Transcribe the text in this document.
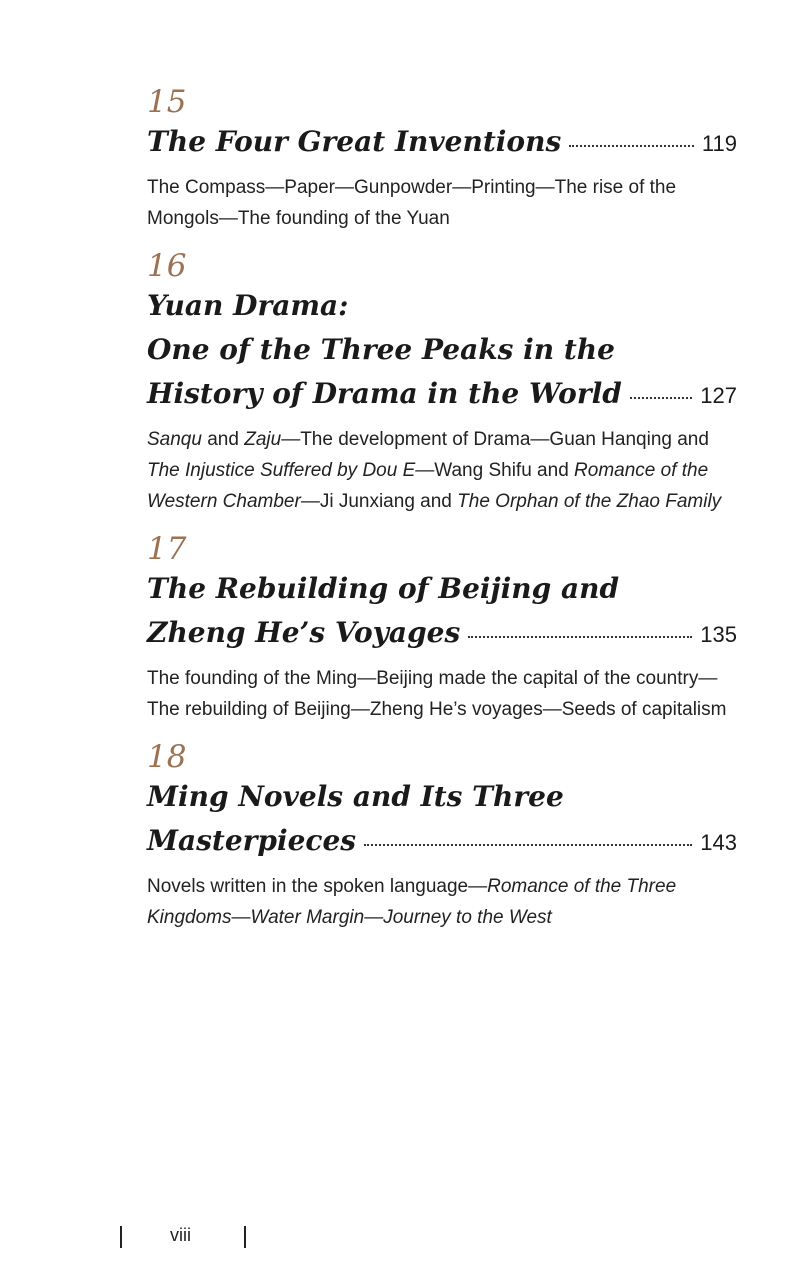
15
The Four Great Inventions	119
The Compass—Paper—Gunpowder—Printing—The rise of the Mongols—The founding of the Yuan
16
Yuan Drama:
One of the Three Peaks in the
History of Drama in the World	127
Sanqu and Zaju—The development of Drama—Guan Hanqing and The Injustice Suffered by Dou E—Wang Shifu and Romance of the Western Chamber—Ji Junxiang and The Orphan of the Zhao Family
17
The Rebuilding of Beijing and
Zheng He’s Voyages	135
The founding of the Ming—Beijing made the capital of the country—The rebuilding of Beijing—Zheng He’s voyages—Seeds of capitalism
18
Ming Novels and Its Three
Masterpieces	143
Novels written in the spoken language—Romance of the Three Kingdoms—Water Margin—Journey to the West
viii
